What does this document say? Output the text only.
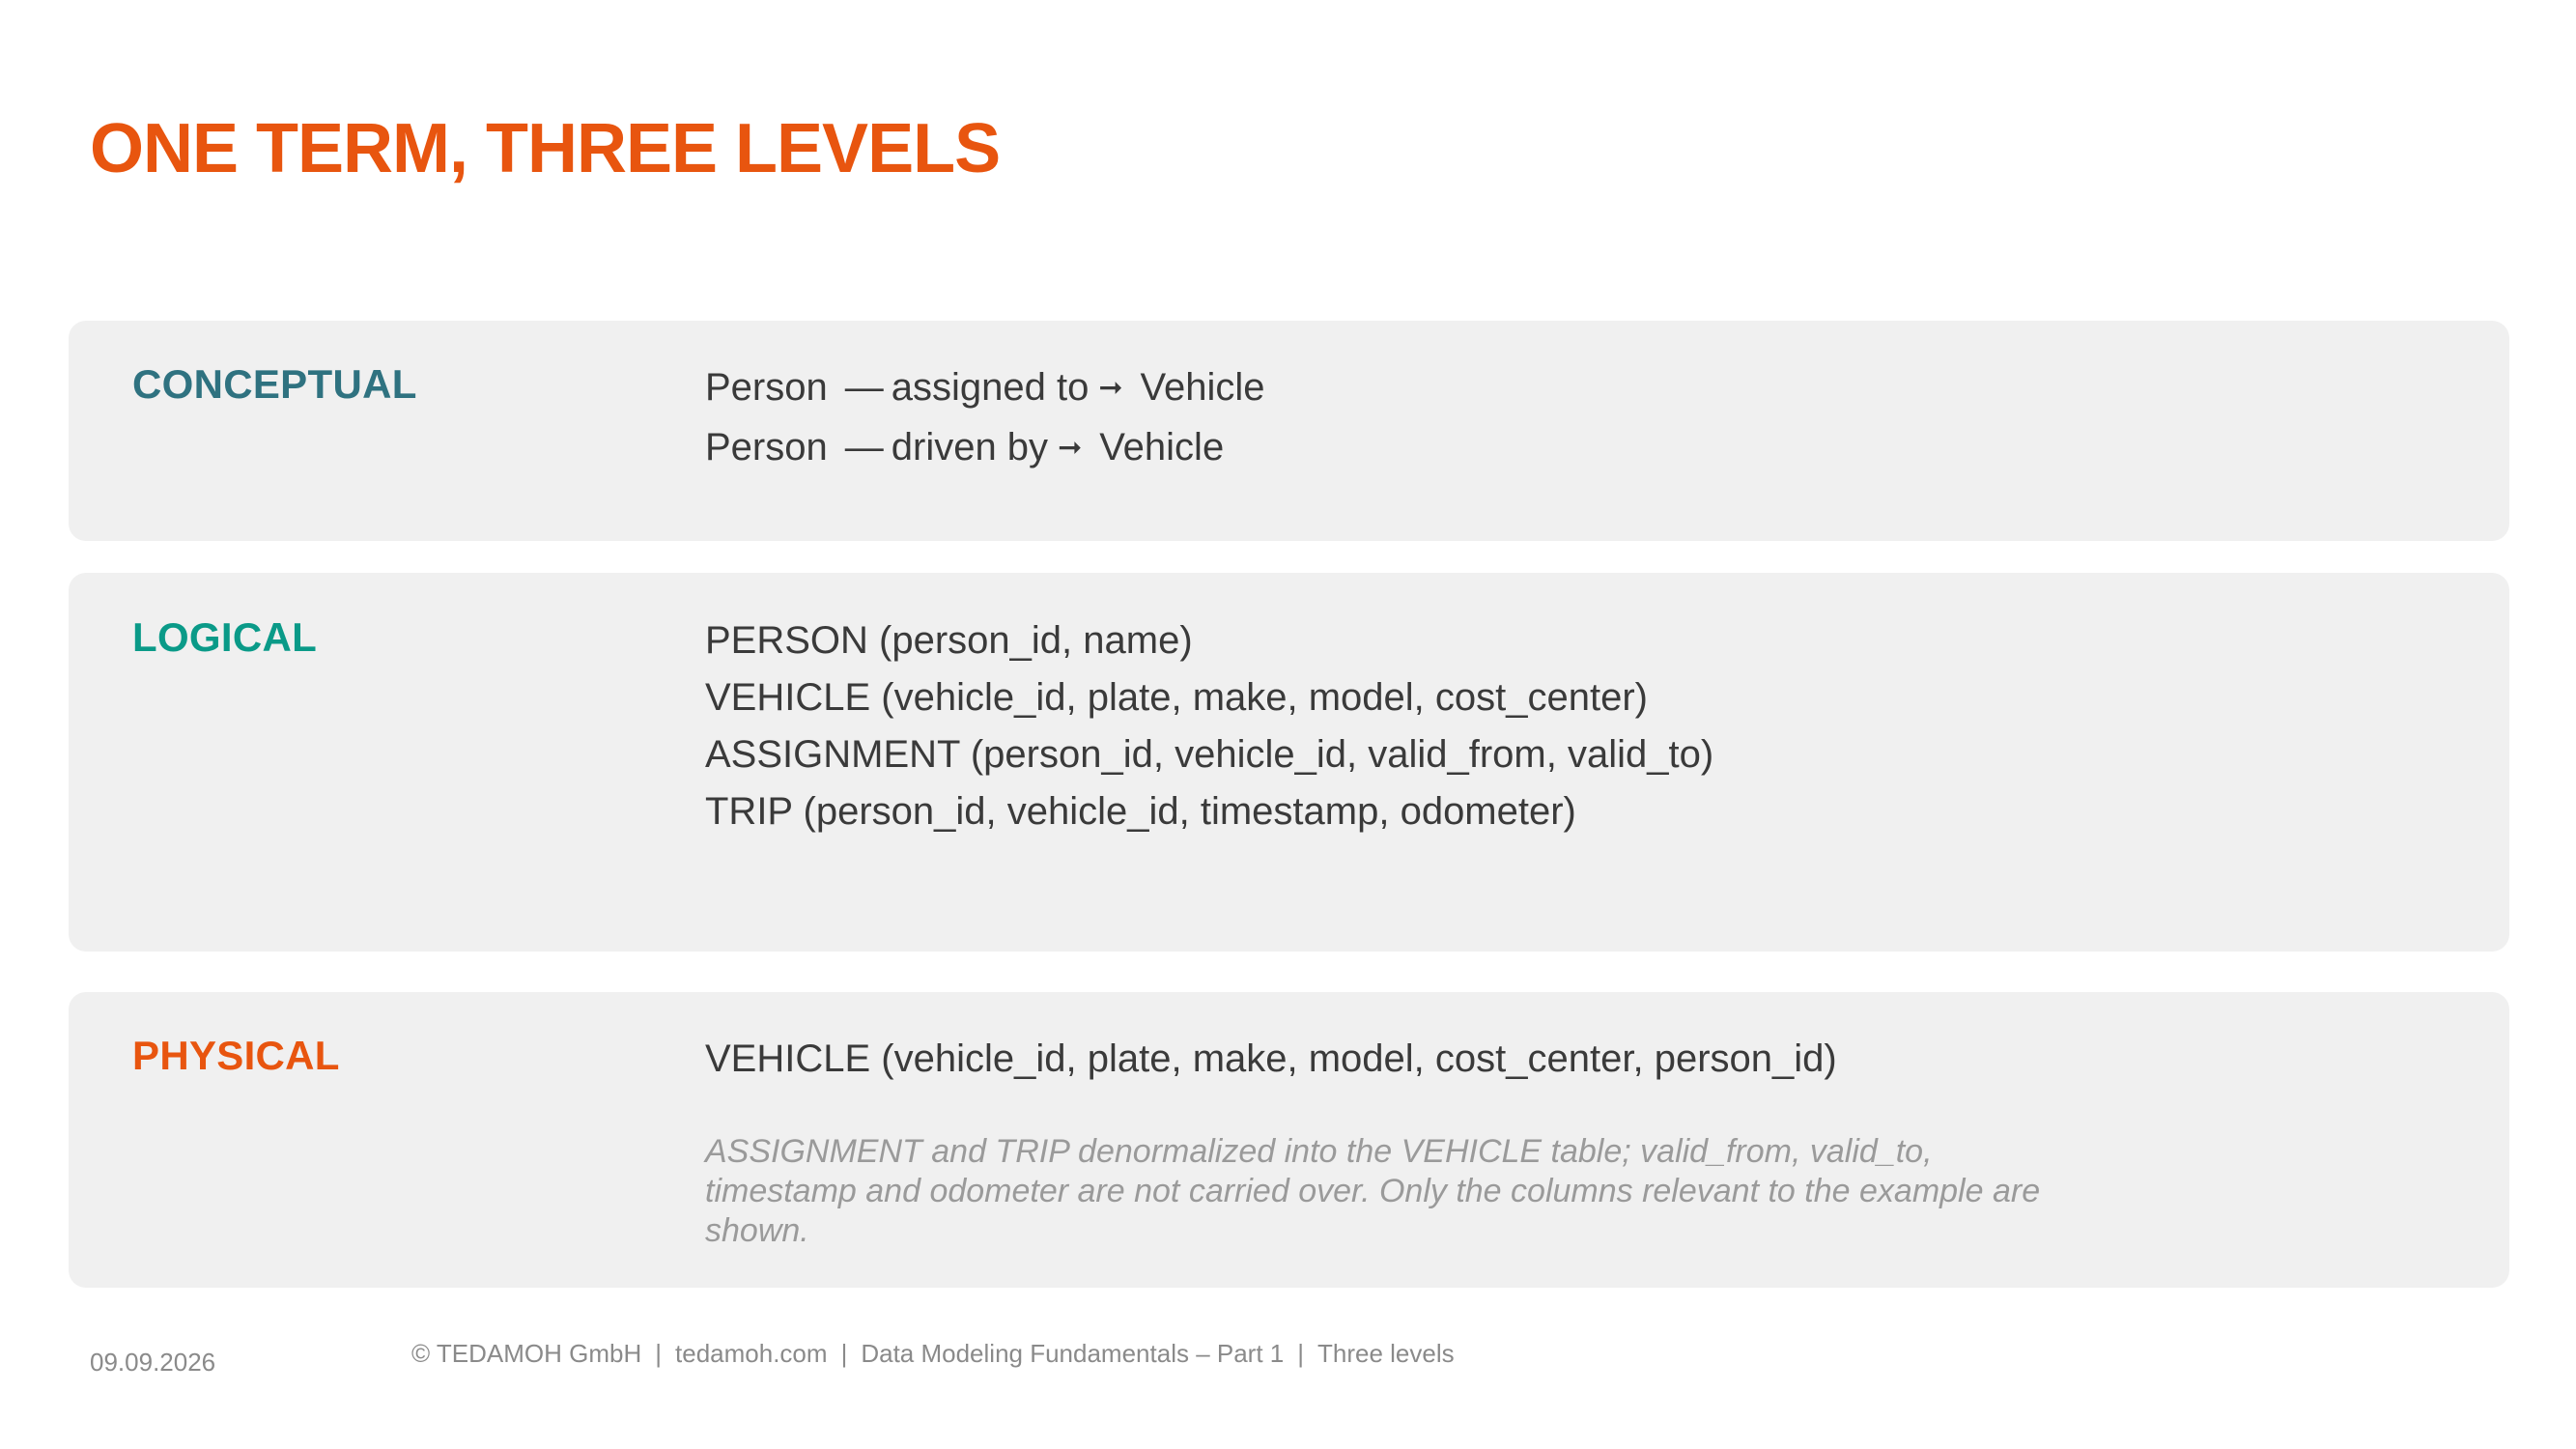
ONE TERM, THREE LEVELS
CONCEPTUAL	Person — assigned to ➞ Vehicle
Person — driven by ➞ Vehicle
LOGICAL	PERSON (person_id, name)
VEHICLE (vehicle_id, plate, make, model, cost_center)
ASSIGNMENT (person_id, vehicle_id, valid_from, valid_to)
TRIP (person_id, vehicle_id, timestamp, odometer)
PHYSICAL	VEHICLE (vehicle_id, plate, make, model, cost_center, person_id)

ASSIGNMENT and TRIP denormalized into the VEHICLE table; valid_from, valid_to, timestamp and odometer are not carried over. Only the columns relevant to the example are shown.

09.09.2026	© TEDAMOH GmbH | tedamoh.com | Data Modeling Fundamentals – Part 1 | Three levels
